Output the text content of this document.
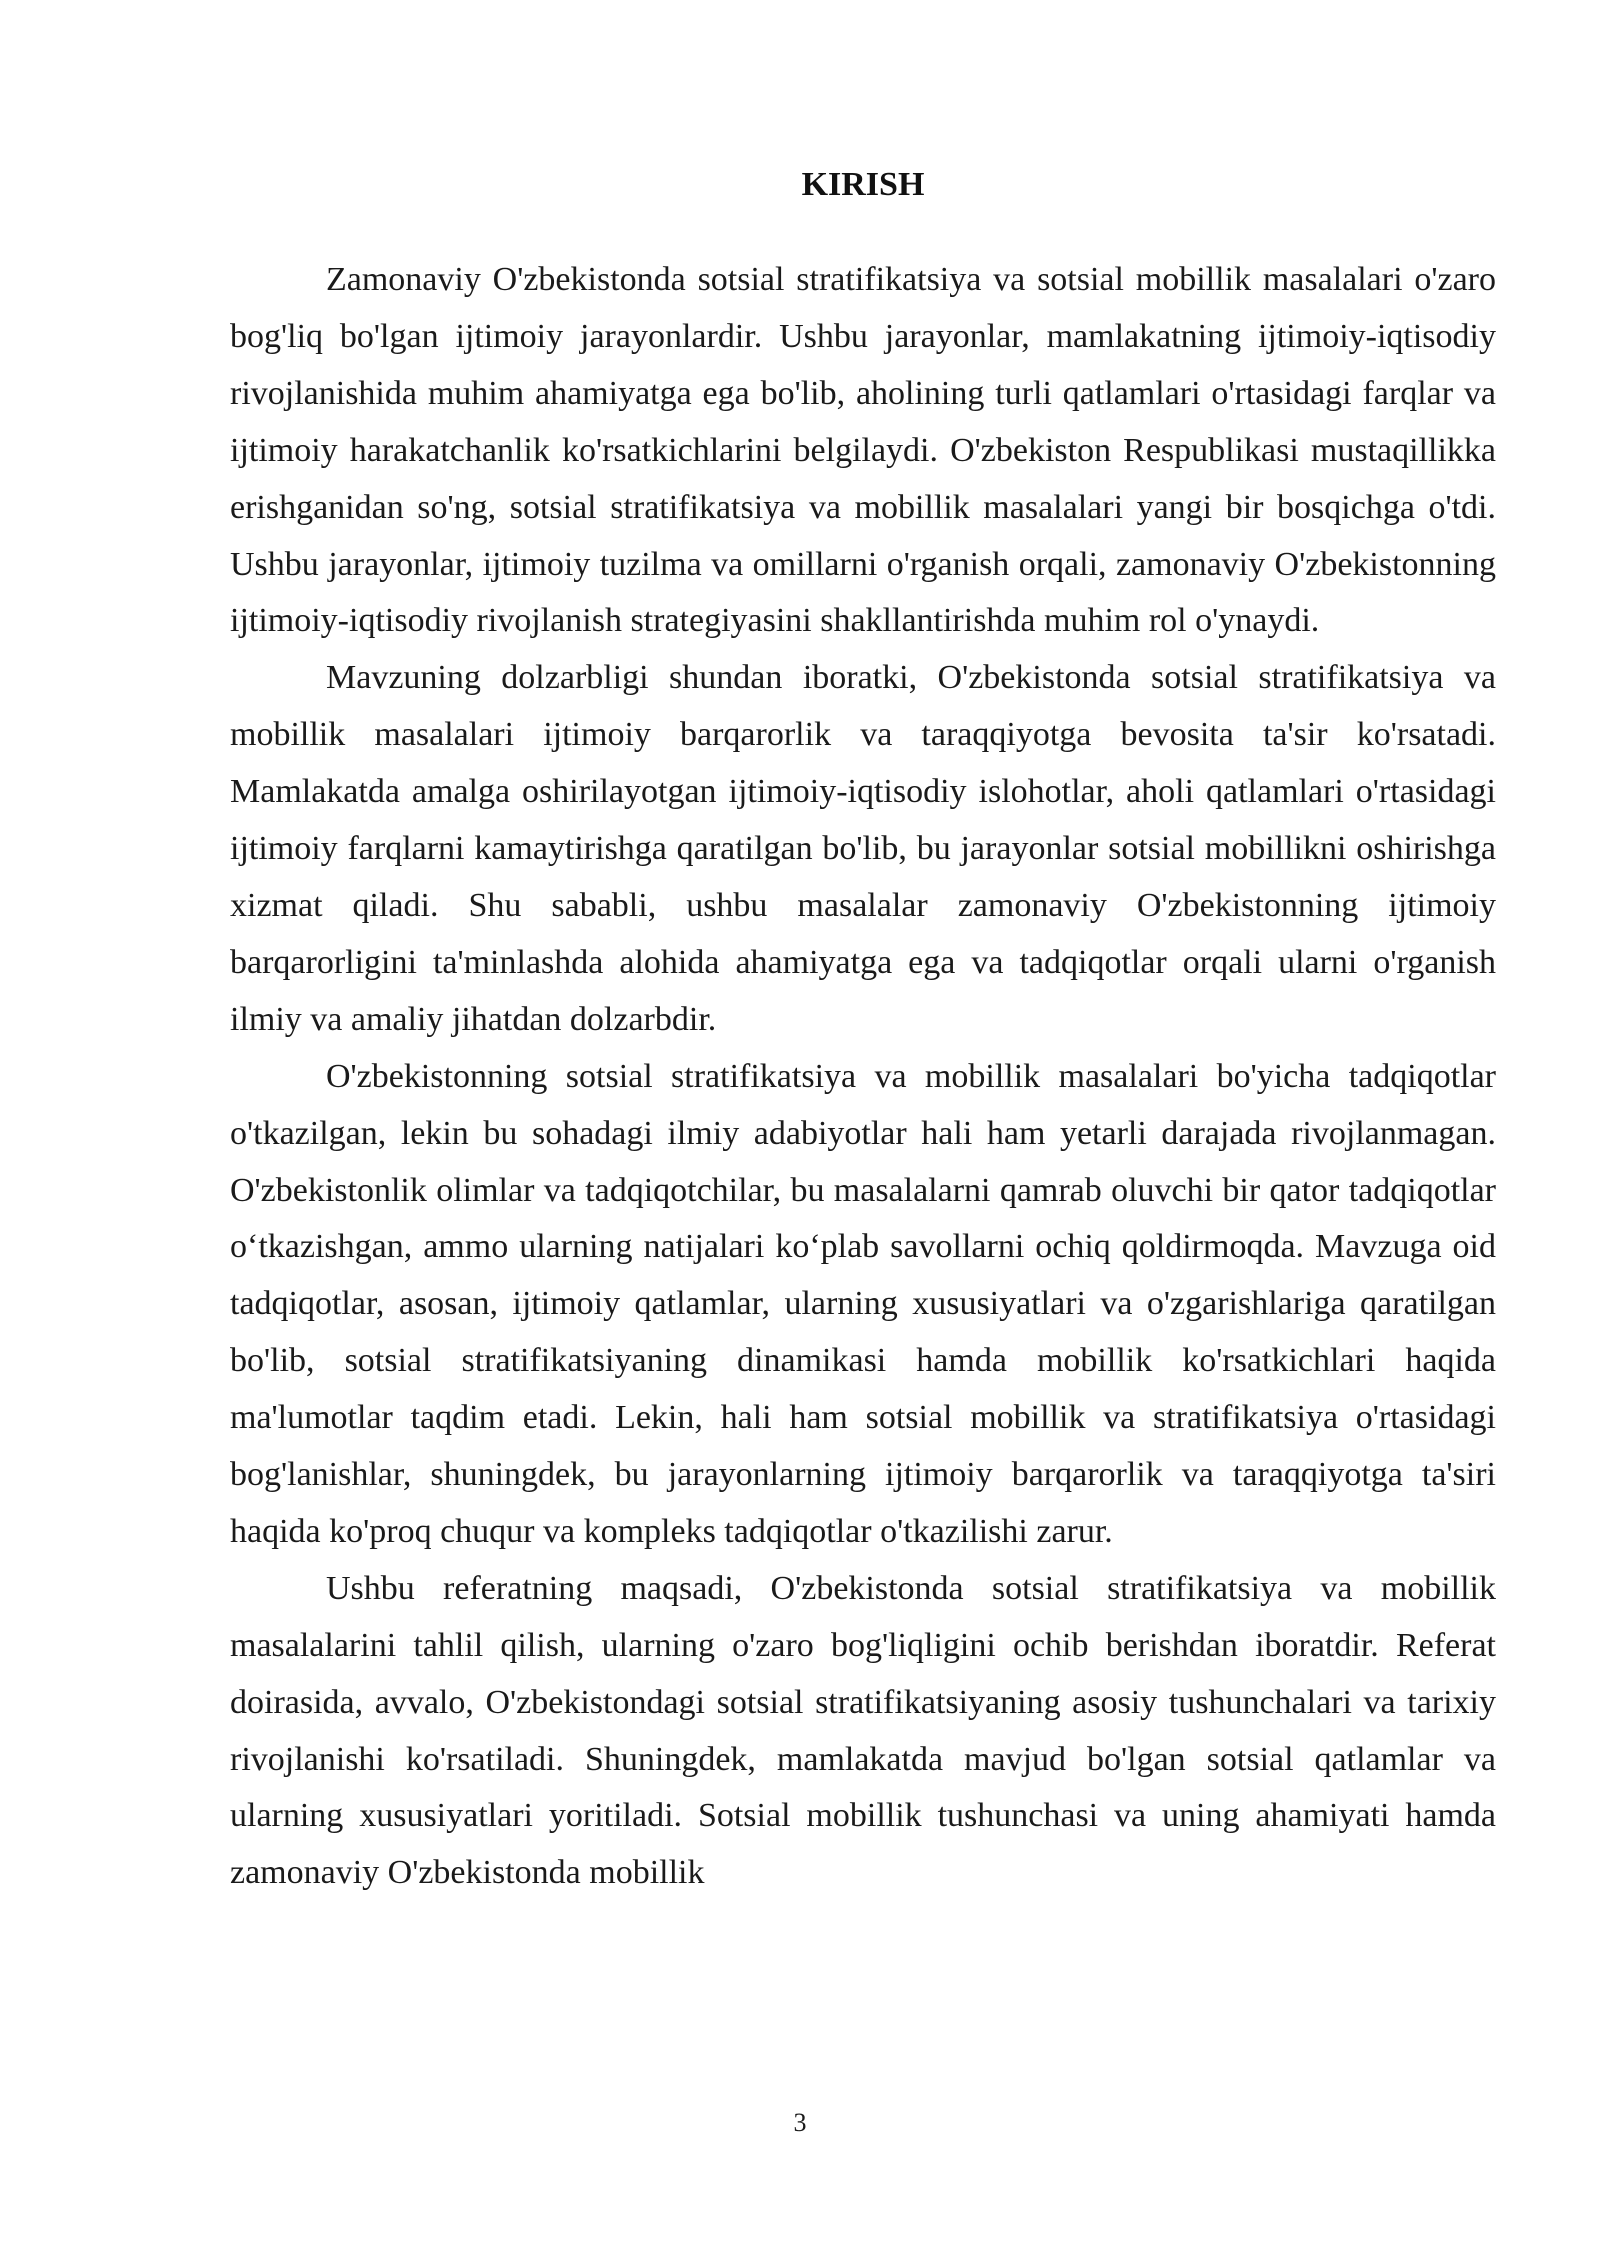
KIRISH

Zamonaviy O'zbekistonda sotsial stratifikatsiya va sotsial mobillik masalalari o'zaro bog'liq bo'lgan ijtimoiy jarayonlardir. Ushbu jarayonlar, mamlakatning ijtimoiy-iqtisodiy rivojlanishida muhim ahamiyatga ega bo'lib, aholining turli qatlamlari o'rtasidagi farqlar va ijtimoiy harakatchanlik ko'rsatkichlarini belgilaydi. O'zbekiston Respublikasi mustaqillikka erishganidan so'ng, sotsial stratifikatsiya va mobillik masalalari yangi bir bosqichga o'tdi. Ushbu jarayonlar, ijtimoiy tuzilma va omillarni o'rganish orqali, zamonaviy O'zbekistonning ijtimoiy-iqtisodiy rivojlanish strategiyasini shakllantirishda muhim rol o'ynaydi.

Mavzuning dolzarbligi shundan iboratki, O'zbekistonda sotsial stratifikatsiya va mobillik masalalari ijtimoiy barqarorlik va taraqqiyotga bevosita ta'sir ko'rsatadi. Mamlakatda amalga oshirilayotgan ijtimoiy-iqtisodiy islohotlar, aholi qatlamlari o'rtasidagi ijtimoiy farqlarni kamaytirishga qaratilgan bo'lib, bu jarayonlar sotsial mobillikni oshirishga xizmat qiladi. Shu sababli, ushbu masalalar zamonaviy O'zbekistonning ijtimoiy barqarorligini ta'minlashda alohida ahamiyatga ega va tadqiqotlar orqali ularni o'rganish ilmiy va amaliy jihatdan dolzarbdir.

O'zbekistonning sotsial stratifikatsiya va mobillik masalalari bo'yicha tadqiqotlar o'tkazilgan, lekin bu sohadagi ilmiy adabiyotlar hali ham yetarli darajada rivojlanmagan. O'zbekistonlik olimlar va tadqiqotchilar, bu masalalarni qamrab oluvchi bir qator tadqiqotlar o‘tkazishgan, ammo ularning natijalari ko‘plab savollarni ochiq qoldirmoqda. Mavzuga oid tadqiqotlar, asosan, ijtimoiy qatlamlar, ularning xususiyatlari va o'zgarishlariga qaratilgan bo'lib, sotsial stratifikatsiyaning dinamikasi hamda mobillik ko'rsatkichlari haqida ma'lumotlar taqdim etadi. Lekin, hali ham sotsial mobillik va stratifikatsiya o'rtasidagi bog'lanishlar, shuningdek, bu jarayonlarning ijtimoiy barqarorlik va taraqqiyotga ta'siri haqida ko'proq chuqur va kompleks tadqiqotlar o'tkazilishi zarur.

Ushbu referatning maqsadi, O'zbekistonda sotsial stratifikatsiya va mobillik masalalarini tahlil qilish, ularning o'zaro bog'liqligini ochib berishdan iboratdir. Referat doirasida, avvalo, O'zbekistondagi sotsial stratifikatsiyaning asosiy tushunchalari va tarixiy rivojlanishi ko'rsatiladi. Shuningdek, mamlakatda mavjud bo'lgan sotsial qatlamlar va ularning xususiyatlari yoritiladi. Sotsial mobillik tushunchasi va uning ahamiyati hamda zamonaviy O'zbekistonda mobillik

3
